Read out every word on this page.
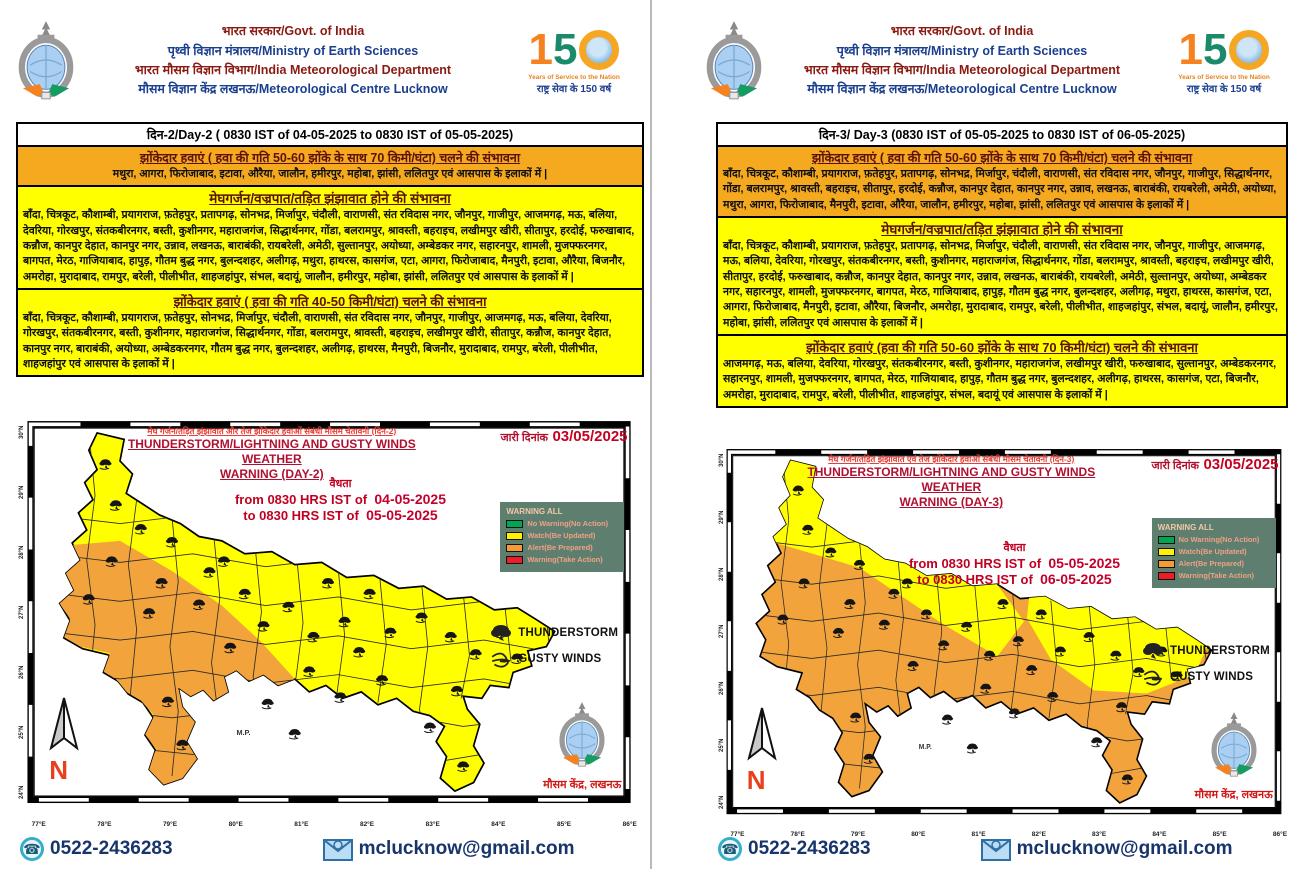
भारत सरकार/Govt. of India
पृथ्वी विज्ञान मंत्रालय/Ministry of Earth Sciences
भारत मौसम विज्ञान विभाग/India Meteorological Department
मौसम विज्ञान केंद्र लखनऊ/Meteorological Centre Lucknow
1 5
Years of Service to the Nation
राष्ट्र सेवा के 150 वर्ष
दिन-2/Day-2 ( 0830 IST of 04-05-2025 to 0830 IST of 05-05-2025)
झोंकेदार हवाएं ( हवा की गति 50-60 झोंके के साथ 70 किमी/घंटा) चलने की संभावना
मथुरा, आगरा, फिरोजाबाद, इटावा, औरैया, जालौन, हमीरपुर, महोबा, झांसी, ललितपुर एवं आसपास के इलाकों में |
मेघगर्जन/वज्रपात/तड़ित झंझावात होने की संभावना
बाँदा, चित्रकूट, कौशाम्बी, प्रयागराज, फ़तेहपुर, प्रतापगढ़, सोनभद्र, मिर्जापुर, चंदौली, वाराणसी, संत रविदास नगर, जौनपुर, गाजीपुर, आजमगढ़, मऊ, बलिया, देवरिया, गोरखपुर, संतकबीरनगर, बस्ती, कुशीनगर, महाराजगंज, सिद्धार्थनगर, गोंडा, बलरामपुर, श्रावस्ती, बहराइच, लखीमपुर खीरी, सीतापुर, हरदोई, फरुखाबाद, कन्नौज, कानपुर देहात, कानपुर नगर, उन्नाव, लखनऊ, बाराबंकी, रायबरेली, अमेठी, सुल्तानपुर, अयोध्या, अम्बेडकर नगर, सहारनपुर, शामली, मुजफ्फरनगर, बागपत, मेरठ, गाजियाबाद, हापुड़, गौतम बुद्ध नगर, बुलन्दशहर, अलीगढ़, मथुरा, हाथरस, कासगंज, एटा, आगरा, फिरोजाबाद, मैनपुरी, इटावा, औरैया, बिजनौर, अमरोहा, मुरादाबाद, रामपुर, बरेली, पीलीभीत, शाहजहांपुर, संभल, बदायूं, जालौन, हमीरपुर, महोबा, झांसी, ललितपुर एवं आसपास के इलाकों में |
झोंकेदार हवाएं ( हवा की गति 40-50 किमी/घंटा) चलने की संभावना
बाँदा, चित्रकूट, कौशाम्बी, प्रयागराज, फ़तेहपुर, सोनभद्र, मिर्जापुर, चंदौली, वाराणसी, संत रविदास नगर, जौनपुर, गाजीपुर, आजमगढ़, मऊ, बलिया, देवरिया, गोरखपुर, संतकबीरनगर, बस्ती, कुशीनगर, महाराजगंज, सिद्धार्थनगर, गोंडा, बलरामपुर, श्रावस्ती, बहराइच, लखीमपुर खीरी, सीतापुर, कन्नौज, कानपुर देहात, कानपुर नगर, बाराबंकी, अयोध्या, अम्बेडकरनगर, गौतम बुद्ध नगर, बुलन्दशहर, अलीगढ़, हाथरस, मैनपुरी, बिजनौर, मुरादाबाद, रामपुर, बरेली, पीलीभीत, शाहजहांपुर एवं आसपास के इलाकों में |
M.P.
मेघ गर्जन/तड़ित झंझावात और तेज झोंकेदार हवाओं संबंधी मौसम चेतावनी (दिन-2)
THUNDERSTORM/LIGHTNING AND GUSTY WINDS WEATHER
WARNING (DAY-2)
जारी दिनांक 03/05/2025
वैधता
from 0830 HRS IST of 04-05-2025
to 0830 HRS IST of 05-05-2025	WARNING ALL
No Warning(No Action)
Watch(Be Updated)
Alert(Be Prepared)
Warning(Take Action)
THUNDERSTORM
GUSTY WINDS
N
मौसम केंद्र, लखनऊ
77°E	78°E	79°E	80°E	81°E	82°E	83°E	84°E	85°E	86°E
30°N
29°N
28°N
27°N
26°N
25°N
24°N
☎ 0522-2436283	mclucknow@gmail.com
भारत सरकार/Govt. of India
पृथ्वी विज्ञान मंत्रालय/Ministry of Earth Sciences
भारत मौसम विज्ञान विभाग/India Meteorological Department
मौसम विज्ञान केंद्र लखनऊ/Meteorological Centre Lucknow
1 5
Years of Service to the Nation
राष्ट्र सेवा के 150 वर्ष
दिन-3/ Day-3 (0830 IST of 05-05-2025 to 0830 IST of 06-05-2025)
झोंकेदार हवाएं ( हवा की गति 50-60 झोंके के साथ 70 किमी/घंटा) चलने की संभावना
बाँदा, चित्रकूट, कौशाम्बी, प्रयागराज, फ़तेहपुर, प्रतापगढ़, सोनभद्र, मिर्जापुर, चंदौली, वाराणसी, संत रविदास नगर, जौनपुर, गाजीपुर, सिद्धार्थनगर, गोंडा, बलरामपुर, श्रावस्ती, बहराइच, सीतापुर, हरदोई, कन्नौज, कानपुर देहात, कानपुर नगर, उन्नाव, लखनऊ, बाराबंकी, रायबरेली, अमेठी, अयोध्या, मथुरा, आगरा, फिरोजाबाद, मैनपुरी, इटावा, औरैया, जालौन, हमीरपुर, महोबा, झांसी, ललितपुर एवं आसपास के इलाकों में |
मेघगर्जन/वज्रपात/तड़ित झंझावात होने की संभावना
बाँदा, चित्रकूट, कौशाम्बी, प्रयागराज, फ़तेहपुर, प्रतापगढ़, सोनभद्र, मिर्जापुर, चंदौली, वाराणसी, संत रविदास नगर, जौनपुर, गाजीपुर, आजमगढ़, मऊ, बलिया, देवरिया, गोरखपुर, संतकबीरनगर, बस्ती, कुशीनगर, महाराजगंज, सिद्धार्थनगर, गोंडा, बलरामपुर, श्रावस्ती, बहराइच, लखीमपुर खीरी, सीतापुर, हरदोई, फरुखाबाद, कन्नौज, कानपुर देहात, कानपुर नगर, उन्नाव, लखनऊ, बाराबंकी, रायबरेली, अमेठी, सुल्तानपुर, अयोध्या, अम्बेडकर नगर, सहारनपुर, शामली, मुजफ्फरनगर, बागपत, मेरठ, गाजियाबाद, हापुड़, गौतम बुद्ध नगर, बुलन्दशहर, अलीगढ़, मथुरा, हाथरस, कासगंज, एटा, आगरा, फिरोजाबाद, मैनपुरी, इटावा, औरैया, बिजनौर, अमरोहा, मुरादाबाद, रामपुर, बरेली, पीलीभीत, शाहजहांपुर, संभल, बदायूं, जालौन, हमीरपुर, महोबा, झांसी, ललितपुर एवं आसपास के इलाकों में |
झोंकेदार हवाएं (हवा की गति 50-60 झोंके के साथ 70 किमी/घंटा) चलने की संभावना
आजमगढ़, मऊ, बलिया, देवरिया, गोरखपुर, संतकबीरनगर, बस्ती, कुशीनगर, महाराजगंज, लखीमपुर खीरी, फरुखाबाद, सुल्तानपुर, अम्बेडकरनगर, सहारनपुर, शामली, मुजफ्फरनगर, बागपत, मेरठ, गाजियाबाद, हापुड़, गौतम बुद्ध नगर, बुलन्दशहर, अलीगढ़, हाथरस, कासगंज, एटा, बिजनौर, अमरोहा, मुरादाबाद, रामपुर, बरेली, पीलीभीत, शाहजहांपुर, संभल, बदायूं एवं आसपास के इलाकों में |
M.P.
मेघ गर्जन/तड़ित झंझावात एवं तेज झोंकेदार हवाओं संबंधी मौसम चेतावनी (दिन-3)
THUNDERSTORM/LIGHTNING AND GUSTY WINDS WEATHER
WARNING (DAY-3)
जारी दिनांक 03/05/2025
वैधता
from 0830 HRS IST of 05-05-2025
to 0830 HRS IST of 06-05-2025
WARNING ALL
No Warning(No Action)
Watch(Be Updated)
Alert(Be Prepared)
Warning(Take Action)
THUNDERSTORM
GUSTY WINDS
N
मौसम केंद्र, लखनऊ
77°E	78°E	79°E	80°E	81°E	82°E	83°E	84°E	85°E	86°E
30°N
29°N
28°N
27°N
26°N
25°N
24°N
☎ 0522-2436283	mclucknow@gmail.com
